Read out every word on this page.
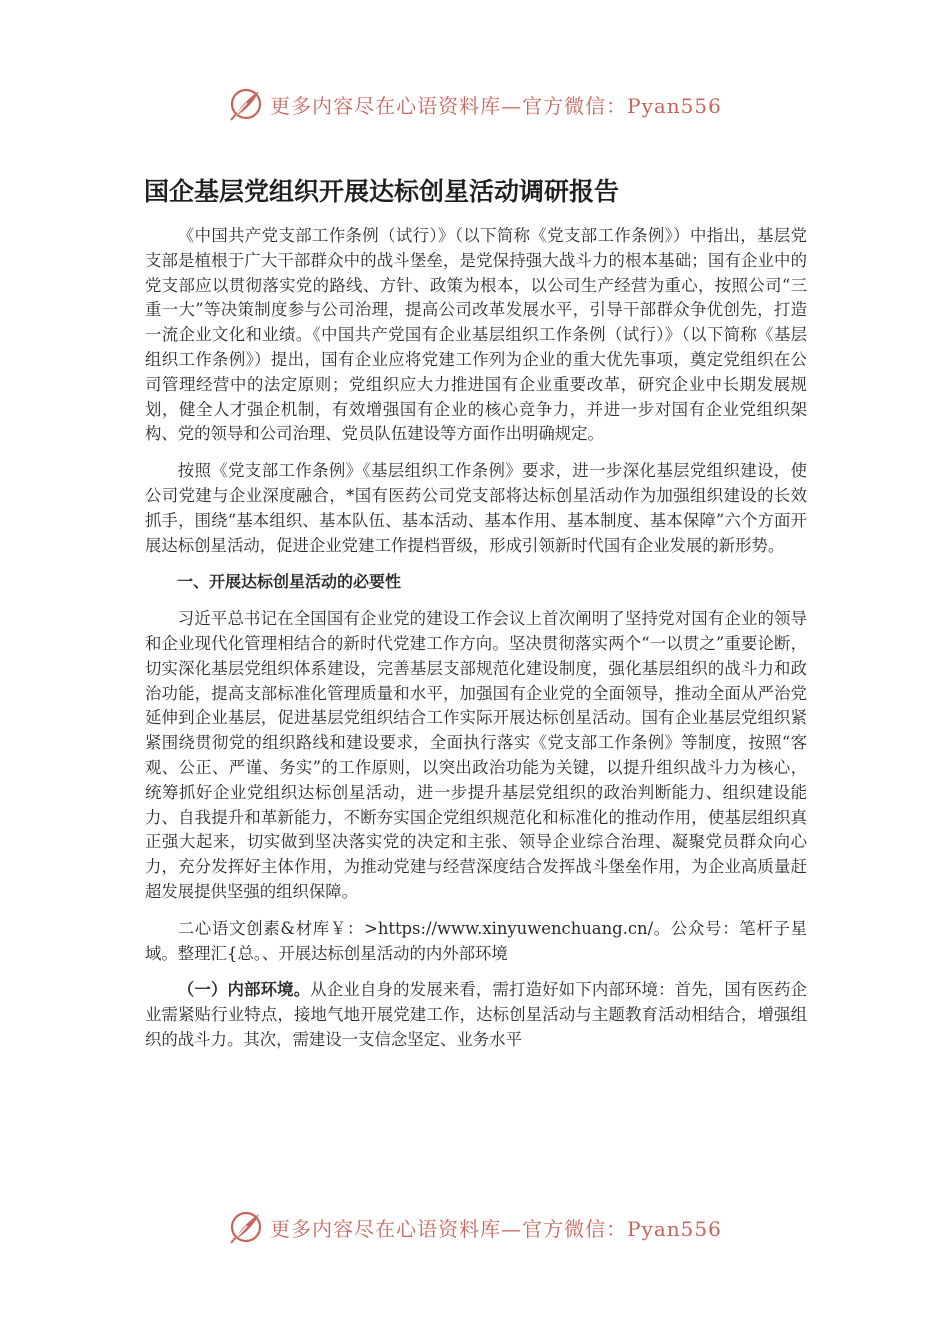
更多内容尽在心语资料库—官方微信：Pyan556
国企基层党组织开展达标创星活动调研报告

《中国共产党支部工作条例（试行）》（以下简称《党支部工作条例》）中指出，基层党支部是植根于广大干部群众中的战斗堡垒，是党保持强大战斗力的根本基础；国有企业中的党支部应以贯彻落实党的路线、方针、政策为根本，以公司生产经营为重心，按照公司“三重一大”等决策制度参与公司治理，提高公司改革发展水平，引导干部群众争优创先，打造一流企业文化和业绩。《中国共产党国有企业基层组织工作条例（试行）》（以下简称《基层组织工作条例》）提出，国有企业应将党建工作列为企业的重大优先事项，奠定党组织在公司管理经营中的法定原则；党组织应大力推进国有企业重要改革，研究企业中长期发展规划，健全人才强企机制，有效增强国有企业的核心竞争力，并进一步对国有企业党组织架构、党的领导和公司治理、党员队伍建设等方面作出明确规定。

按照《党支部工作条例》《基层组织工作条例》要求，进一步深化基层党组织建设，使公司党建与企业深度融合，*国有医药公司党支部将达标创星活动作为加强组织建设的长效抓手，围绕“基本组织、基本队伍、基本活动、基本作用、基本制度、基本保障”六个方面开展达标创星活动，促进企业党建工作提档晋级，形成引领新时代国有企业发展的新形势。

一、开展达标创星活动的必要性

习近平总书记在全国国有企业党的建设工作会议上首次阐明了坚持党对国有企业的领导和企业现代化管理相结合的新时代党建工作方向。坚决贯彻落实两个“一以贯之”重要论断，切实深化基层党组织体系建设，完善基层支部规范化建设制度，强化基层组织的战斗力和政治功能，提高支部标准化管理质量和水平，加强国有企业党的全面领导，推动全面从严治党延伸到企业基层，促进基层党组织结合工作实际开展达标创星活动。国有企业基层党组织紧紧围绕贯彻党的组织路线和建设要求，全面执行落实《党支部工作条例》等制度，按照“客观、公正、严谨、务实”的工作原则，以突出政治功能为关键，以提升组织战斗力为核心，统筹抓好企业党组织达标创星活动，进一步提升基层党组织的政治判断能力、组织建设能力、自我提升和革新能力，不断夯实国企党组织规范化和标准化的推动作用，使基层组织真正强大起来，切实做到坚决落实党的决定和主张、领导企业综合治理、凝聚党员群众向心力，充分发挥好主体作用，为推动党建与经营深度结合发挥战斗堡垒作用，为企业高质量赶超发展提供坚强的组织保障。

二心语文创素&材库￥：>https://www.xinyuwenchuang.cn/。公众号：笔杆子星域。整理汇{总。、开展达标创星活动的内外部环境

（一）内部环境。从企业自身的发展来看，需打造好如下内部环境：首先，国有医药企业需紧贴行业特点，接地气地开展党建工作，达标创星活动与主题教育活动相结合，增强组织的战斗力。其次，需建设一支信念坚定、业务水平

更多内容尽在心语资料库—官方微信：Pyan556
